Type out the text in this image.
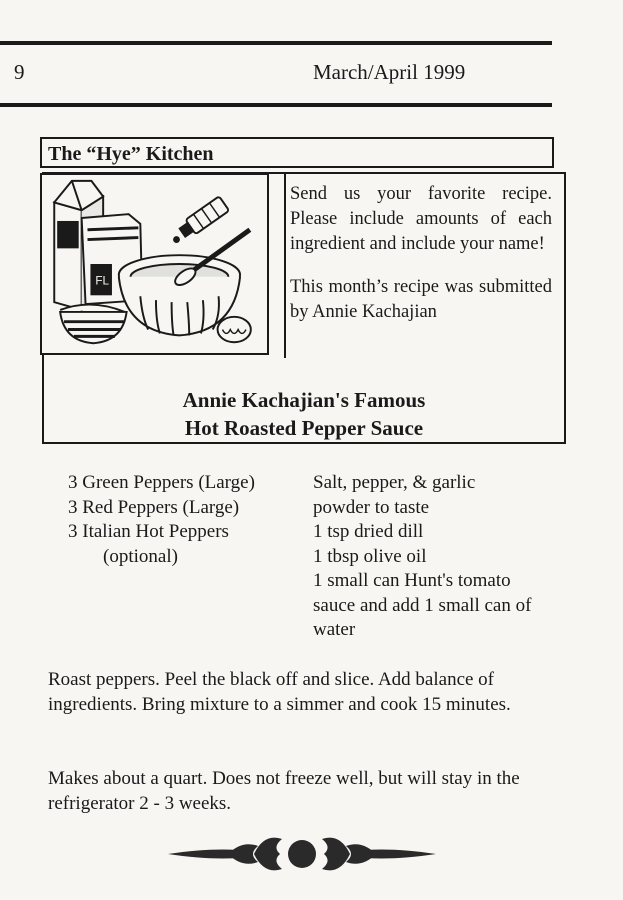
9	March/April 1999
The “Hye” Kitchen
FL

Send us your favorite recipe. Please include amounts of each ingredient and include your name!

This month’s recipe was submitted by Annie Kachajian

Annie Kachajian's Famous
Hot Roasted Pepper Sauce
3 Green Peppers (Large)
3 Red Peppers (Large)
3 Italian Hot Peppers
(optional)
Salt, pepper, & garlic
powder to taste
1 tsp dried dill
1 tbsp olive oil
1 small can Hunt's tomato
sauce and add 1 small can of
water

Roast peppers. Peel the black off and slice. Add balance of ingredients. Bring mixture to a simmer and cook 15 minutes.

Makes about a quart. Does not freeze well, but will stay in the refrigerator 2 - 3 weeks.
